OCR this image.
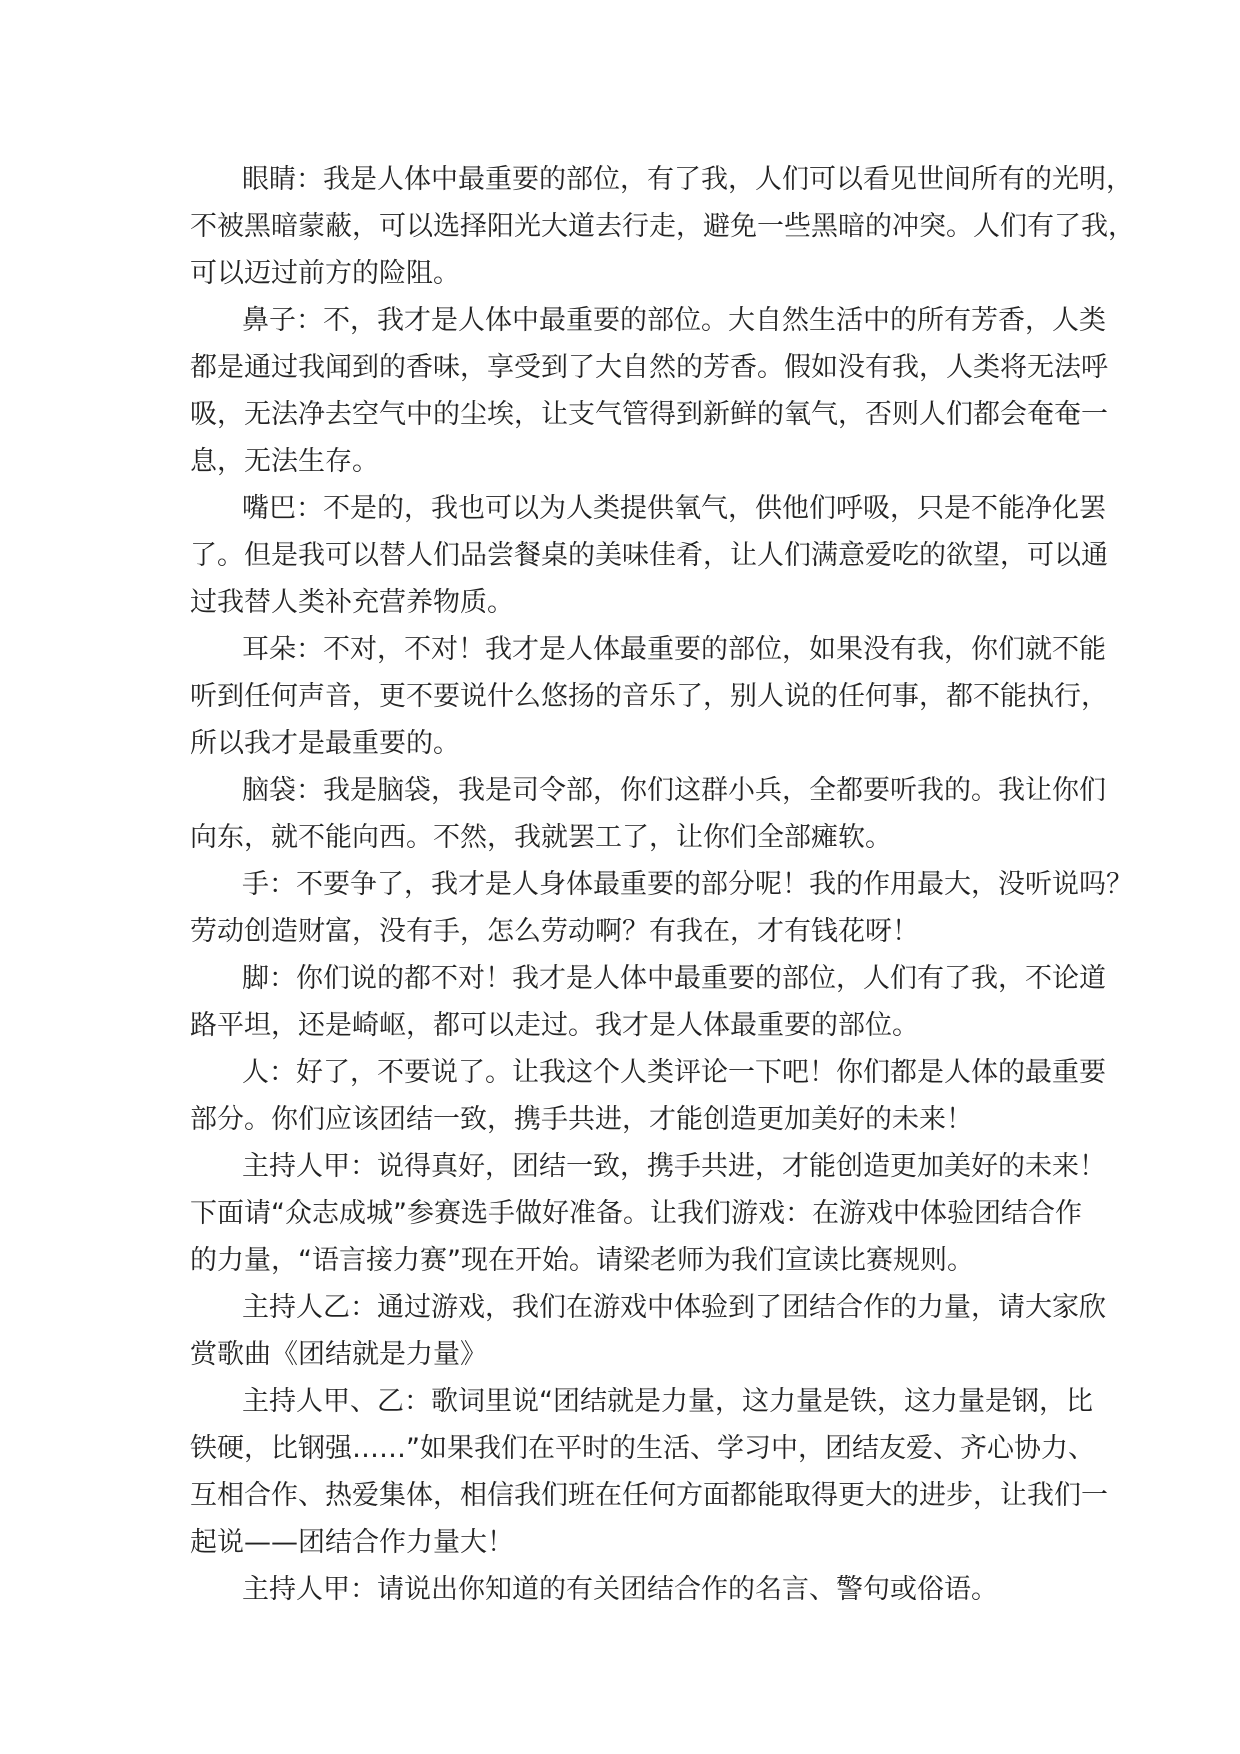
眼睛：我是人体中最重要的部位，有了我，人们可以看见世间所有的光明，
不被黑暗蒙蔽，可以选择阳光大道去行走，避免一些黑暗的冲突。人们有了我，
可以迈过前方的险阻。
鼻子：不，我才是人体中最重要的部位。大自然生活中的所有芳香，人类
都是通过我闻到的香味，享受到了大自然的芳香。假如没有我，人类将无法呼
吸，无法净去空气中的尘埃，让支气管得到新鲜的氧气，否则人们都会奄奄一
息，无法生存。
嘴巴：不是的，我也可以为人类提供氧气，供他们呼吸，只是不能净化罢
了。但是我可以替人们品尝餐桌的美味佳肴，让人们满意爱吃的欲望，可以通
过我替人类补充营养物质。
耳朵：不对，不对！我才是人体最重要的部位，如果没有我，你们就不能
听到任何声音，更不要说什么悠扬的音乐了，别人说的任何事，都不能执行，
所以我才是最重要的。
脑袋：我是脑袋，我是司令部，你们这群小兵，全都要听我的。我让你们
向东，就不能向西。不然，我就罢工了，让你们全部瘫软。
手：不要争了，我才是人身体最重要的部分呢！我的作用最大，没听说吗？
劳动创造财富，没有手，怎么劳动啊？有我在，才有钱花呀！
脚：你们说的都不对！我才是人体中最重要的部位，人们有了我，不论道
路平坦，还是崎岖，都可以走过。我才是人体最重要的部位。
人：好了，不要说了。让我这个人类评论一下吧！你们都是人体的最重要
部分。你们应该团结一致，携手共进，才能创造更加美好的未来！
主持人甲：说得真好，团结一致，携手共进，才能创造更加美好的未来！
下面请“众志成城”参赛选手做好准备。让我们游戏：在游戏中体验团结合作
的力量，“语言接力赛”现在开始。请梁老师为我们宣读比赛规则。
主持人乙：通过游戏，我们在游戏中体验到了团结合作的力量，请大家欣
赏歌曲《团结就是力量》
主持人甲、乙：歌词里说“团结就是力量，这力量是铁，这力量是钢，比
铁硬，比钢强……”如果我们在平时的生活、学习中，团结友爱、齐心协力、
互相合作、热爱集体，相信我们班在任何方面都能取得更大的进步，让我们一
起说——团结合作力量大！
主持人甲：请说出你知道的有关团结合作的名言、警句或俗语。
